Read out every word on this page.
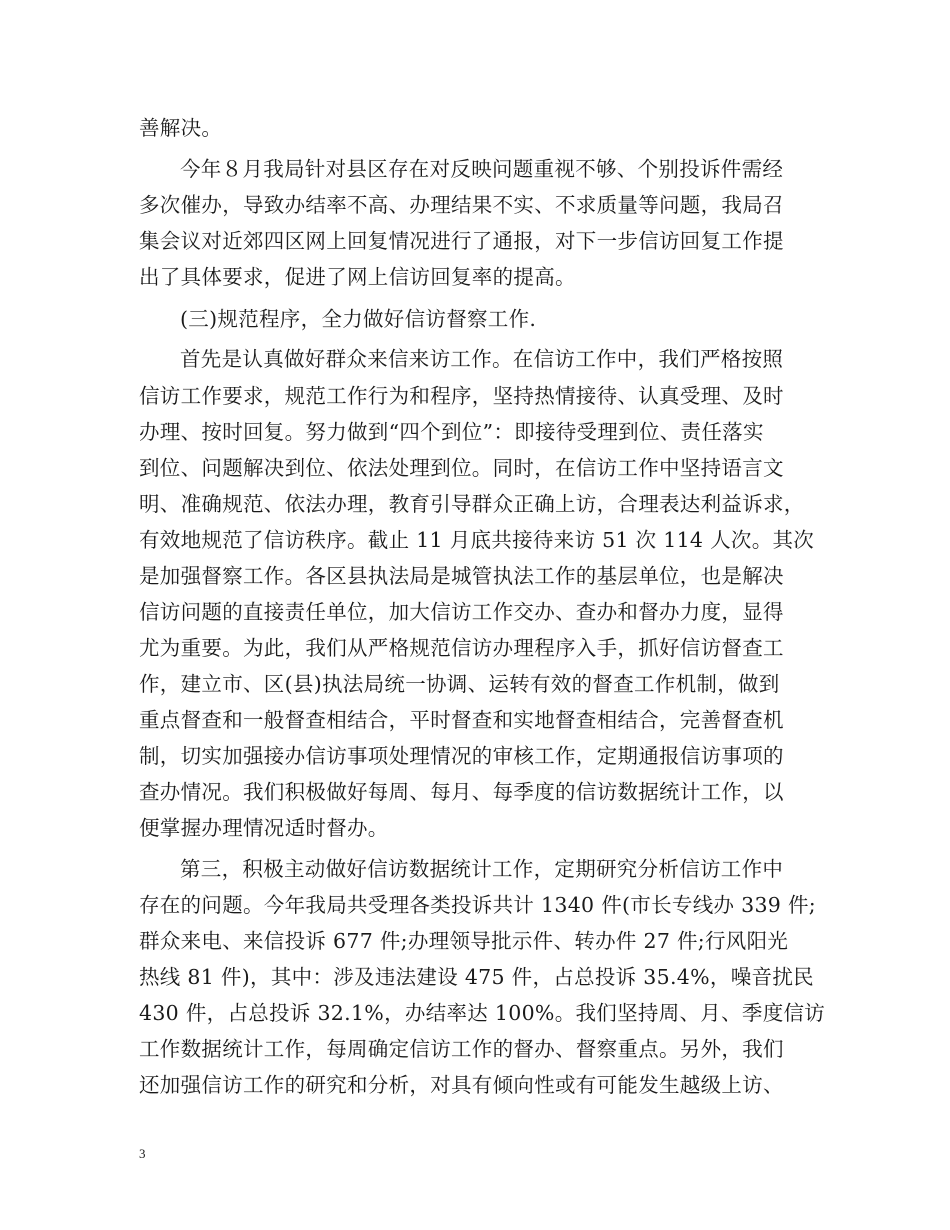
善解决。
今年８月我局针对县区存在对反映问题重视不够、个别投诉件需经
多次催办，导致办结率不高、办理结果不实、不求质量等问题，我局召
集会议对近郊四区网上回复情况进行了通报，对下一步信访回复工作提
出了具体要求，促进了网上信访回复率的提高。
(三)规范程序，全力做好信访督察工作.
首先是认真做好群众来信来访工作。在信访工作中，我们严格按照
信访工作要求，规范工作行为和程序，坚持热情接待、认真受理、及时
办理、按时回复。努力做到“四个到位”：即接待受理到位、责任落实
到位、问题解决到位、依法处理到位。同时，在信访工作中坚持语言文
明、准确规范、依法办理，教育引导群众正确上访，合理表达利益诉求，
有效地规范了信访秩序。截止 11 月底共接待来访 51 次 114 人次。其次
是加强督察工作。各区县执法局是城管执法工作的基层单位，也是解决
信访问题的直接责任单位，加大信访工作交办、查办和督办力度，显得
尤为重要。为此，我们从严格规范信访办理程序入手，抓好信访督查工
作，建立市、区(县)执法局统一协调、运转有效的督查工作机制，做到
重点督查和一般督查相结合，平时督查和实地督查相结合，完善督查机
制，切实加强接办信访事项处理情况的审核工作，定期通报信访事项的
查办情况。我们积极做好每周、每月、每季度的信访数据统计工作，以
便掌握办理情况适时督办。
第三，积极主动做好信访数据统计工作，定期研究分析信访工作中
存在的问题。今年我局共受理各类投诉共计 1340 件(市长专线办 339 件;
群众来电、来信投诉 677 件;办理领导批示件、转办件 27 件;行风阳光
热线 81 件)，其中：涉及违法建设 475 件，占总投诉 35.4%，噪音扰民
430 件，占总投诉 32.1%，办结率达 100%。我们坚持周、月、季度信访
工作数据统计工作，每周确定信访工作的督办、督察重点。另外，我们
还加强信访工作的研究和分析，对具有倾向性或有可能发生越级上访、
3
